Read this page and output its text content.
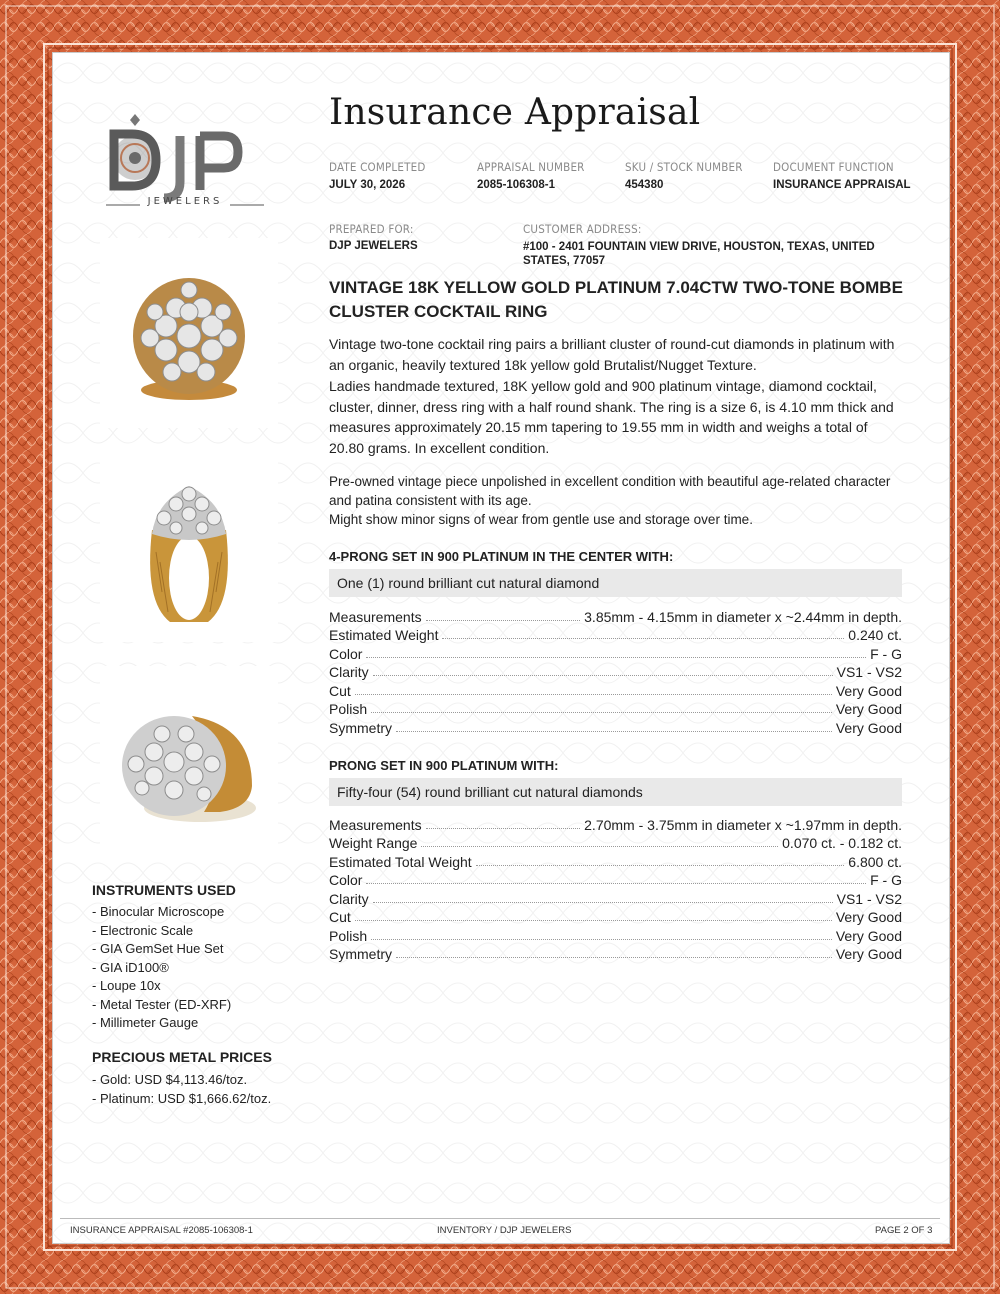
JEWELERS
Insurance Appraisal
DATE COMPLETED
JULY 30, 2026
APPRAISAL NUMBER
2085-106308-1
SKU / STOCK NUMBER
454380
DOCUMENT FUNCTION
INSURANCE APPRAISAL
PREPARED FOR:
DJP JEWELERS
CUSTOMER ADDRESS:
#100 - 2401 FOUNTAIN VIEW DRIVE, HOUSTON, TEXAS, UNITED STATES, 77057
VINTAGE 18K YELLOW GOLD PLATINUM 7.04CTW TWO-TONE BOMBE CLUSTER COCKTAIL RING
Vintage two-tone cocktail ring pairs a brilliant cluster of round-cut diamonds in platinum with an organic, heavily textured 18k yellow gold Brutalist/Nugget Texture.
Ladies handmade textured, 18K yellow gold and 900 platinum vintage, diamond cocktail, cluster, dinner, dress ring with a half round shank. The ring is a size 6, is 4.10 mm thick and measures approximately 20.15 mm tapering to 19.55 mm in width and weighs a total of 20.80 grams. In excellent condition.
Pre-owned vintage piece unpolished in excellent condition with beautiful age-related character and patina consistent with its age.
Might show minor signs of wear from gentle use and storage over time.
4-PRONG SET IN 900 PLATINUM IN THE CENTER WITH:
One (1) round brilliant cut natural diamond
Measurements	3.85mm - 4.15mm in diameter x ~2.44mm in depth.
Estimated Weight	0.240 ct.
Color	F - G
Clarity	VS1 - VS2
Cut	Very Good
Polish	Very Good
Symmetry	Very Good
PRONG SET IN 900 PLATINUM WITH:
Fifty-four (54) round brilliant cut natural diamonds
Measurements	2.70mm - 3.75mm in diameter x ~1.97mm in depth.
Weight Range	0.070 ct. - 0.182 ct.
Estimated Total Weight	6.800 ct.
Color	F - G
Clarity	VS1 - VS2
Cut	Very Good
Polish	Very Good
Symmetry	Very Good
INSTRUMENTS USED
- Binocular Microscope
- Electronic Scale
- GIA GemSet Hue Set
- GIA iD100®
- Loupe 10x
- Metal Tester (ED-XRF)
- Millimeter Gauge
PRECIOUS METAL PRICES
- Gold: USD $4,113.46/toz.
- Platinum: USD $1,666.62/toz.
INSURANCE APPRAISAL #2085-106308-1	INVENTORY / DJP JEWELERS	PAGE 2 OF 3
